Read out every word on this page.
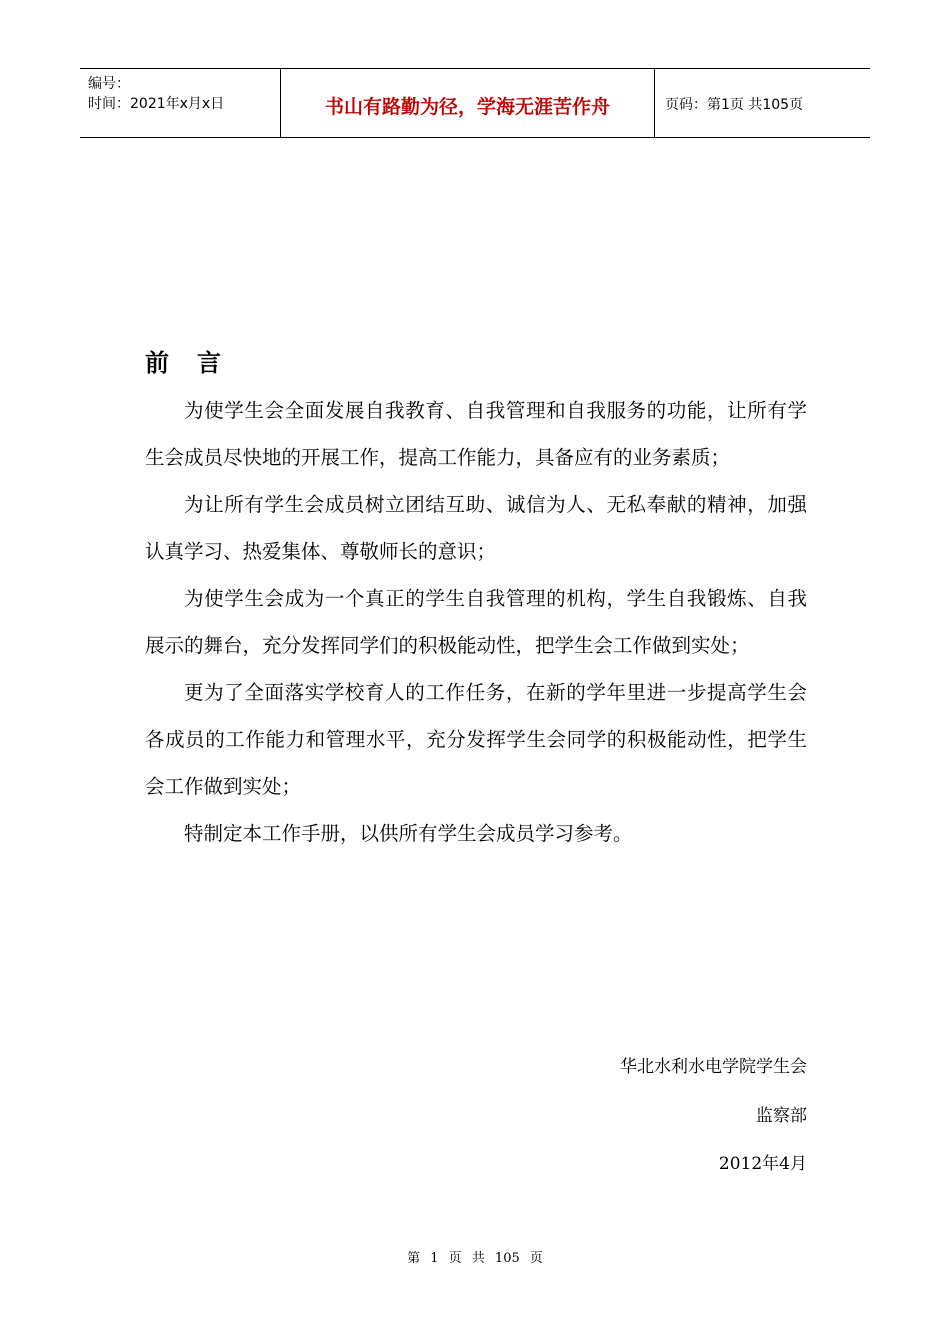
编号：
时间：2021年x月x日	书山有路勤为径，学海无涯苦作舟	页码：第1页 共105页
前言

为使学生会全面发展自我教育、自我管理和自我服务的功能，让所有学生会成员尽快地的开展工作，提高工作能力，具备应有的业务素质；

为让所有学生会成员树立团结互助、诚信为人、无私奉献的精神，加强认真学习、热爱集体、尊敬师长的意识；

为使学生会成为一个真正的学生自我管理的机构，学生自我锻炼、自我展示的舞台，充分发挥同学们的积极能动性，把学生会工作做到实处；

更为了全面落实学校育人的工作任务，在新的学年里进一步提高学生会各成员的工作能力和管理水平，充分发挥学生会同学的积极能动性，把学生会工作做到实处；

特制定本工作手册，以供所有学生会成员学习参考。

华北水利水电学院学生会
监察部
2012年4月
第 1 页 共 105 页
